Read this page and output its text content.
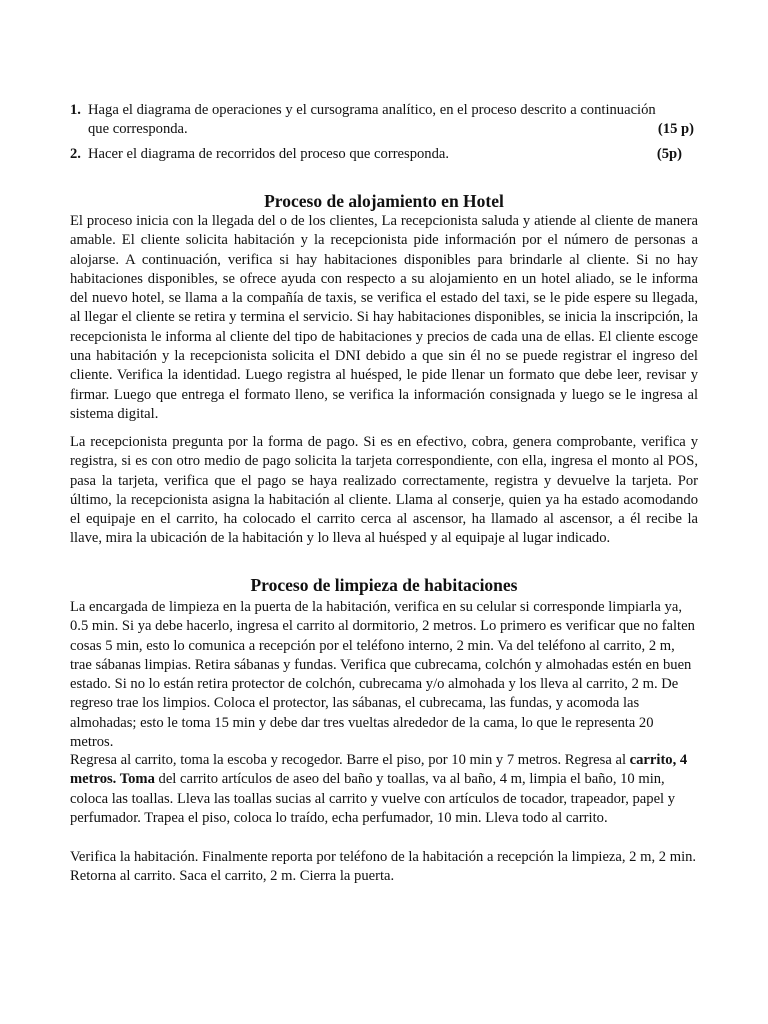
1. Haga el diagrama de operaciones y el cursograma analítico, en el proceso descrito a continuación
que corresponda.	(15 p)
2. Hacer el diagrama de recorridos del proceso que corresponda.	(5p)
Proceso de alojamiento en Hotel

El proceso inicia con la llegada del o de los clientes, La recepcionista saluda y atiende al cliente de manera amable. El cliente solicita habitación y la recepcionista pide información por el número de personas a alojarse. A continuación, verifica si hay habitaciones disponibles para brindarle al cliente. Si no hay habitaciones disponibles, se ofrece ayuda con respecto a su alojamiento en un hotel aliado, se le informa del nuevo hotel, se llama a la compañía de taxis, se verifica el estado del taxi, se le pide espere su llegada, al llegar el cliente se retira y termina el servicio. Si hay habitaciones disponibles, se inicia la inscripción, la recepcionista le informa al cliente del tipo de habitaciones y precios de cada una de ellas. El cliente escoge una habitación y la recepcionista solicita el DNI debido a que sin él no se puede registrar el ingreso del cliente. Verifica la identidad. Luego registra al huésped, le pide llenar un formato que debe leer, revisar y firmar. Luego que entrega el formato lleno, se verifica la información consignada y luego se le ingresa al sistema digital.

La recepcionista pregunta por la forma de pago. Si es en efectivo, cobra, genera comprobante, verifica y registra, si es con otro medio de pago solicita la tarjeta correspondiente, con ella, ingresa el monto al POS, pasa la tarjeta, verifica que el pago se haya realizado correctamente, registra y devuelve la tarjeta. Por último, la recepcionista asigna la habitación al cliente. Llama al conserje, quien ya ha estado acomodando el equipaje en el carrito, ha colocado el carrito cerca al ascensor, ha llamado al ascensor, a él recibe la llave, mira la ubicación de la habitación y lo lleva al huésped y al equipaje al lugar indicado.

Proceso de limpieza de habitaciones

La encargada de limpieza en la puerta de la habitación, verifica en su celular si corresponde limpiarla ya, 0.5 min. Si ya debe hacerlo, ingresa el carrito al dormitorio, 2 metros. Lo primero es verificar que no falten cosas 5 min, esto lo comunica a recepción por el teléfono interno, 2 min. Va del teléfono al carrito, 2 m, trae sábanas limpias. Retira sábanas y fundas. Verifica que cubrecama, colchón y almohadas estén en buen estado. Si no lo están retira protector de colchón, cubrecama y/o almohada y los lleva al carrito, 2 m. De regreso trae los limpios. Coloca el protector, las sábanas, el cubrecama, las fundas, y acomoda las almohadas; esto le toma 15 min y debe dar tres vueltas alrededor de la cama, lo que le representa 20 metros.

Regresa al carrito, toma la escoba y recogedor. Barre el piso, por 10 min y 7 metros. Regresa al carrito, 4 metros. Toma del carrito artículos de aseo del baño y toallas, va al baño, 4 m, limpia el baño, 10 min, coloca las toallas. Lleva las toallas sucias al carrito y vuelve con artículos de tocador, trapeador, papel y perfumador. Trapea el piso, coloca lo traído, echa perfumador, 10 min. Lleva todo al carrito.

Verifica la habitación. Finalmente reporta por teléfono de la habitación a recepción la limpieza, 2 m, 2 min. Retorna al carrito. Saca el carrito, 2 m. Cierra la puerta.
